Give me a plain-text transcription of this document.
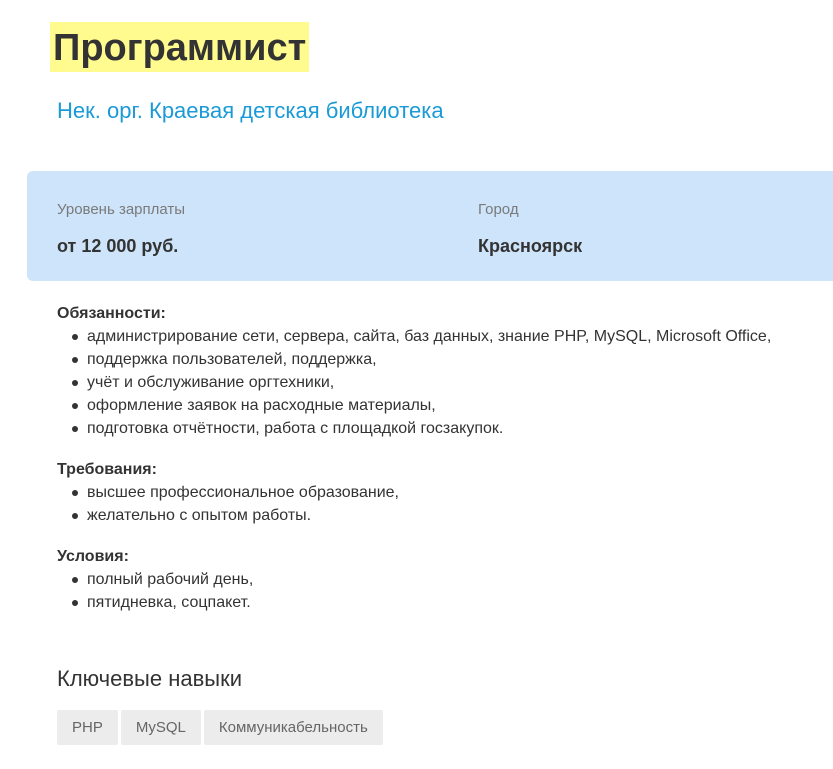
Программист
Нек. орг. Краевая детская библиотека
Уровень зарплаты
от 12 000 руб.
Город
Красноярск

Обязанности:

администрирование сети, сервера, сайта, баз данных, знание PHP, MySQL, Microsoft Office,
поддержка пользователей, поддержка,
учёт и обслуживание оргтехники,
оформление заявок на расходные материалы,
подготовка отчётности, работа с площадкой госзакупок.

Требования:

высшее профессиональное образование,
желательно с опытом работы.

Условия:

полный рабочий день,
пятидневка, соцпакет.
Ключевые навыки
PHP	MySQL	Коммуникабельность
